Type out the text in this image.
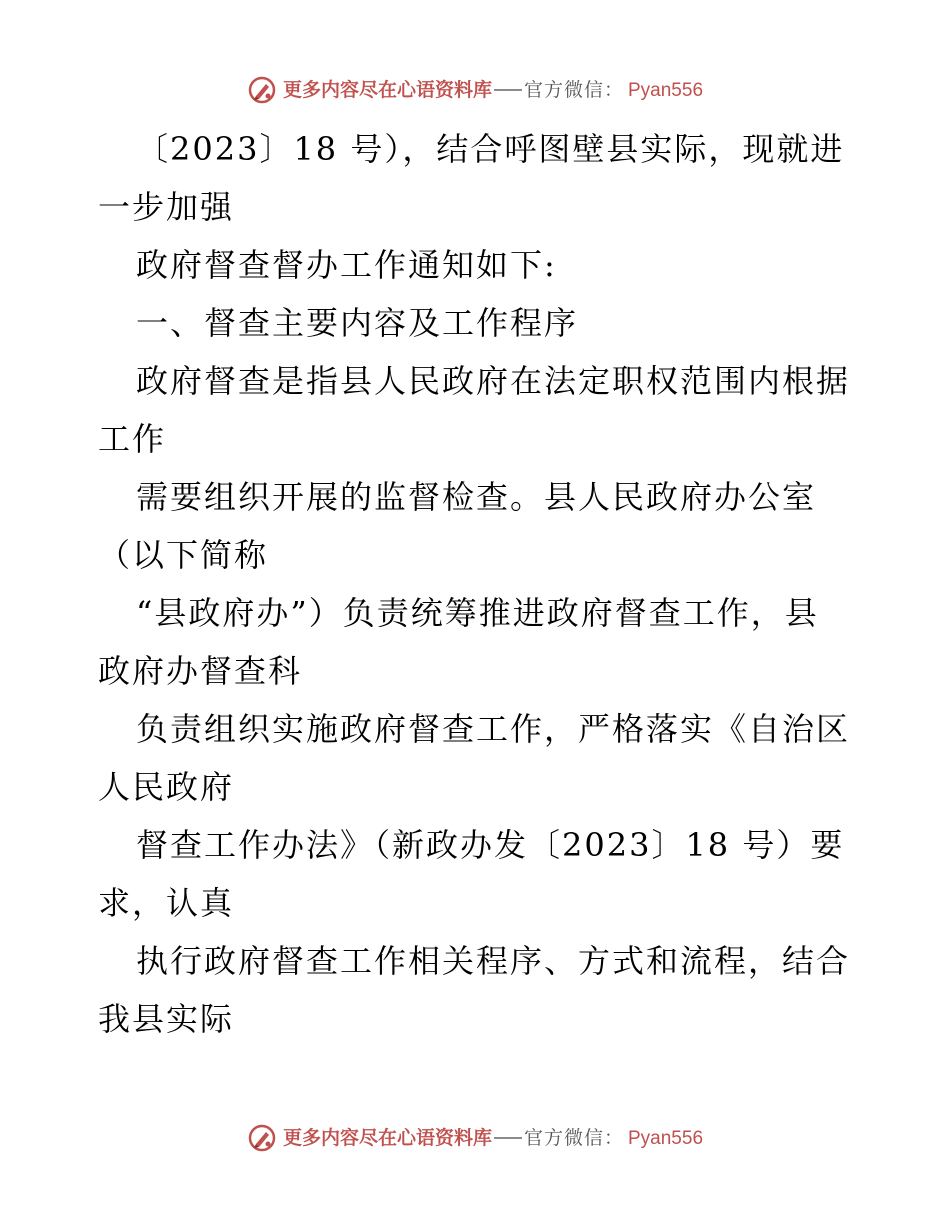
更多内容尽在心语资料库 官方微信： Pyan556
〔2023〕18 号），结合呼图壁县实际，现就进
一步加强
政府督查督办工作通知如下:
一、督查主要内容及工作程序
政府督查是指县人民政府在法定职权范围内根据
工作
需要组织开展的监督检查。县人民政府办公室
（以下简称
“县政府办”）负责统筹推进政府督查工作，县
政府办督查科
负责组织实施政府督查工作，严格落实《自治区
人民政府
督查工作办法》（新政办发〔2023〕18 号）要
求，认真
执行政府督查工作相关程序、方式和流程，结合
我县实际
更多内容尽在心语资料库 官方微信： Pyan556
